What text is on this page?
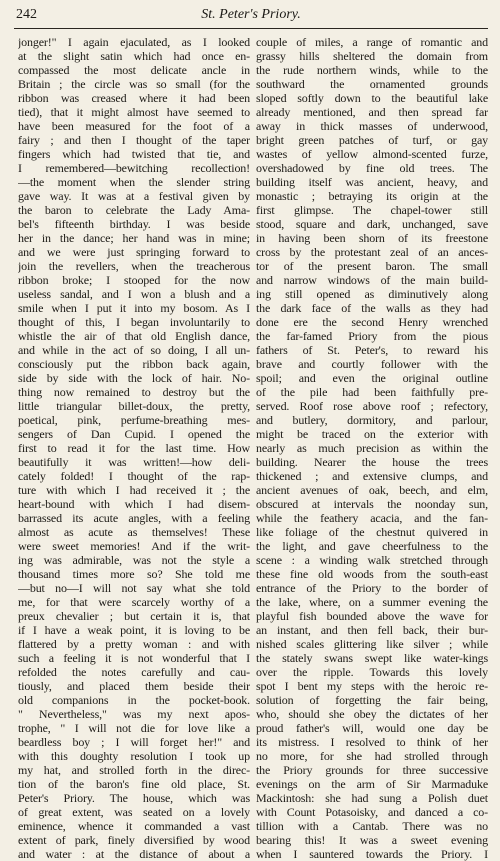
242	St. Peter's Priory.
jonger!" I again ejaculated, as I looked
at the slight satin which had once en-
compassed the most delicate ancle in
Britain ; the circle was so small (for the
ribbon was creased where it had been
tied), that it might almost have seemed to
have been measured for the foot of a
fairy ; and then I thought of the taper
fingers which had twisted that tie, and
I remembered—bewitching recollection!
—the moment when the slender string
gave way. It was at a festival given by
the baron to celebrate the Lady Ama-
bel's fifteenth birthday. I was beside
her in the dance; her hand was in mine;
and we were just springing forward to
join the revellers, when the treacherous
ribbon broke; I stooped for the now
useless sandal, and I won a blush and a
smile when I put it into my bosom. As I
thought of this, I began involuntarily to
whistle the air of that old English dance,
and while in the act of so doing, I all un-
consciously put the ribbon back again,
side by side with the lock of hair. No-
thing now remained to destroy but the
little triangular billet-doux, the pretty,
poetical, pink, perfume-breathing mes-
sengers of Dan Cupid. I opened the
first to read it for the last time. How
beautifully it was written!—how deli-
cately folded! I thought of the rap-
ture with which I had received it ; the
heart-bound with which I had disem-
barrassed its acute angles, with a feeling
almost as acute as themselves! These
were sweet memories! And if the writ-
ing was admirable, was not the style a
thousand times more so? She told me
—but no—I will not say what she told
me, for that were scarcely worthy of a
preux chevalier ; but certain it is, that
if I have a weak point, it is loving to be
flattered by a pretty woman : and with
such a feeling it is not wonderful that I
refolded the notes carefully and cau-
tiously, and placed them beside their
old companions in the pocket-book.
" Nevertheless," was my next apos-
trophe, " I will not die for love like a
beardless boy ; I will forget her!" and
with this doughty resolution I took up
my hat, and strolled forth in the direc-
tion of the baron's fine old place, St.
Peter's Priory. The house, which was
of great extent, was seated on a lovely
eminence, whence it commanded a vast
extent of park, finely diversified by wood
and water : at the distance of about a
couple of miles, a range of romantic and
grassy hills sheltered the domain from
the rude northern winds, while to the
southward the ornamented grounds
sloped softly down to the beautiful lake
already mentioned, and then spread far
away in thick masses of underwood,
bright green patches of turf, or gay
wastes of yellow almond-scented furze,
overshadowed by fine old trees. The
building itself was ancient, heavy, and
monastic ; betraying its origin at the
first glimpse. The chapel-tower still
stood, square and dark, unchanged, save
in having been shorn of its freestone
cross by the protestant zeal of an ances-
tor of the present baron. The small
and narrow windows of the main build-
ing still opened as diminutively along
the dark face of the walls as they had
done ere the second Henry wrenched
the far-famed Priory from the pious
fathers of St. Peter's, to reward his
brave and courtly follower with the
spoil; and even the original outline
of the pile had been faithfully pre-
served. Roof rose above roof ; refectory,
and butlery, dormitory, and parlour,
might be traced on the exterior with
nearly as much precision as within the
building. Nearer the house the trees
thickened ; and extensive clumps, and
ancient avenues of oak, beech, and elm,
obscured at intervals the noonday sun,
while the feathery acacia, and the fan-
like foliage of the chestnut quivered in
the light, and gave cheerfulness to the
scene : a winding walk stretched through
these fine old woods from the south-east
entrance of the Priory to the border of
the lake, where, on a summer evening the
playful fish bounded above the wave for
an instant, and then fell back, their bur-
nished scales glittering like silver ; while
the stately swans swept like water-kings
over the ripple. Towards this lovely
spot I bent my steps with the heroic re-
solution of forgetting the fair being,
who, should she obey the dictates of her
proud father's will, would one day be
its mistress. I resolved to think of her
no more, for she had strolled through
the Priory grounds for three successive
evenings on the arm of Sir Marmaduke
Mackintosh: she had sung a Polish duet
with Count Potasoisky, and danced a co-
tillion with a Cantab. There was no
bearing this! It was a sweet evening
when I sauntered towards the Priory. I
